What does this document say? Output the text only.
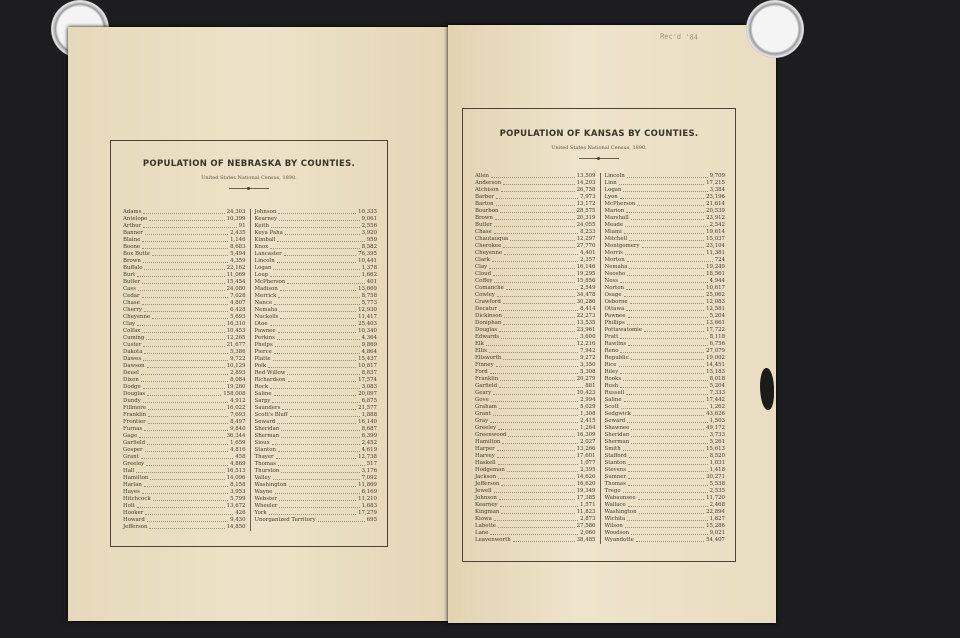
POPULATION OF NEBRASKA BY COUNTIES.
United States National Census, 1890.
Adams	24,303
Antelope	10,399
Arthur	91
Banner	2,435
Blaine	1,146
Boone	8,683
Box Butte	5,494
Brown	4,359
Buffalo	22,162
Burt	11,069
Butler	15,454
Cass	24,080
Cedar	7,028
Chase	4,807
Cherry	6,428
Cheyenne	5,693
Clay	16,310
Colfax	10,453
Cuming	12,265
Custer	21,677
Dakota	5,386
Dawes	9,722
Dawson	10,129
Deuel	2,893
Dixon	8,084
Dodge	19,260
Douglas	158,008
Dundy	4,912
Fillmore	16,022
Franklin	7,693
Frontier	8,497
Furnas	9,840
Gage	36,344
Garfield	1,659
Gosper	4,816
Grant	458
Greeley	4,869
Hall	16,513
Hamilton	14,096
Harlan	8,158
Hayes	3,953
Hitchcock	5,799
Holt	13,672
Hooker	426
Howard	9,430
Jefferson	14,850
Johnson	10,333
Kearney	9,061
Keith	2,556
Keya Paha	3,920
Kimball	959
Knox	8,582
Lancaster	76,395
Lincoln	10,441
Logan	1,378
Loup	1,662
McPherson	401
Madison	13,669
Merrick	8,758
Nance	5,773
Nemaha	12,930
Nuckolls	11,417
Otoe	25,403
Pawnee	10,340
Perkins	4,364
Phelps	9,869
Pierce	4,864
Platte	15,437
Polk	10,817
Red Willow	8,837
Richardson	17,574
Rock	3,083
Saline	20,097
Sarpy	6,875
Saunders	21,577
Scott's Bluff	1,888
Seward	16,140
Sheridan	8,687
Sherman	6,399
Sioux	2,452
Stanton	4,619
Thayer	12,738
Thomas	517
Thurston	3,176
Valley	7,092
Washington	11,869
Wayne	6,169
Webster	11,210
Wheeler	1,683
York	17,279
Unorganized Territory	695
Rec'd '84
POPULATION OF KANSAS BY COUNTIES.
United States National Census, 1890.
Allen	13,509
Anderson	14,203
Atchison	26,758
Barber	7,973
Barton	13,172
Bourbon	28,575
Brown	20,319
Butler	24,055
Chase	8,233
Chautauqua	12,297
Cherokee	27,770
Cheyenne	4,401
Clark	2,357
Clay	16,146
Cloud	19,295
Coffey	15,856
Comanche	2,549
Cowley	34,478
Crawford	30,286
Decatur	8,414
Dickinson	22,273
Doniphan	13,535
Douglas	23,961
Edwards	3,600
Elk	12,216
Ellis	7,942
Ellsworth	9,272
Finney	3,350
Ford	5,308
Franklin	20,279
Garfield	881
Geary	10,423
Gove	2,994
Graham	5,029
Grant	1,308
Gray	2,415
Greeley	1,264
Greenwood	16,309
Hamilton	2,027
Harper	13,266
Harvey	17,601
Haskell	1,077
Hodgeman	2,395
Jackson	14,626
Jefferson	16,620
Jewell	19,349
Johnson	17,385
Kearney	1,571
Kingman	11,823
Kiowa	2,873
Labette	27,586
Lane	2,060
Leavenworth	38,485
Lincoln	9,709
Linn	17,215
Logan	3,384
Lyon	23,196
McPherson	21,614
Marion	20,539
Marshall	23,912
Meade	2,542
Miami	19,614
Mitchell	15,037
Montgomery	23,104
Morris	11,381
Morton	724
Nemaha	19,249
Neosho	18,561
Ness	4,944
Norton	10,617
Osage	25,062
Osborne	12,083
Ottawa	12,581
Pawnee	5,204
Phillips	13,661
Pottawatomie	17,722
Pratt	8,118
Rawlins	6,756
Reno	27,079
Republic	19,002
Rice	14,451
Riley	13,183
Rooks	8,018
Rush	5,204
Russell	7,333
Saline	17,442
Scott	1,262
Sedgwick	43,626
Seward	1,503
Shawnee	49,172
Sheridan	3,733
Sherman	5,261
Smith	15,613
Stafford	8,520
Stanton	1,031
Stevens	1,418
Sumner	30,271
Thomas	5,538
Trego	2,535
Wabaunsee	11,720
Wallace	2,468
Washington	22,894
Wichita	1,827
Wilson	15,286
Woodson	9,021
Wyandotte	54,407
